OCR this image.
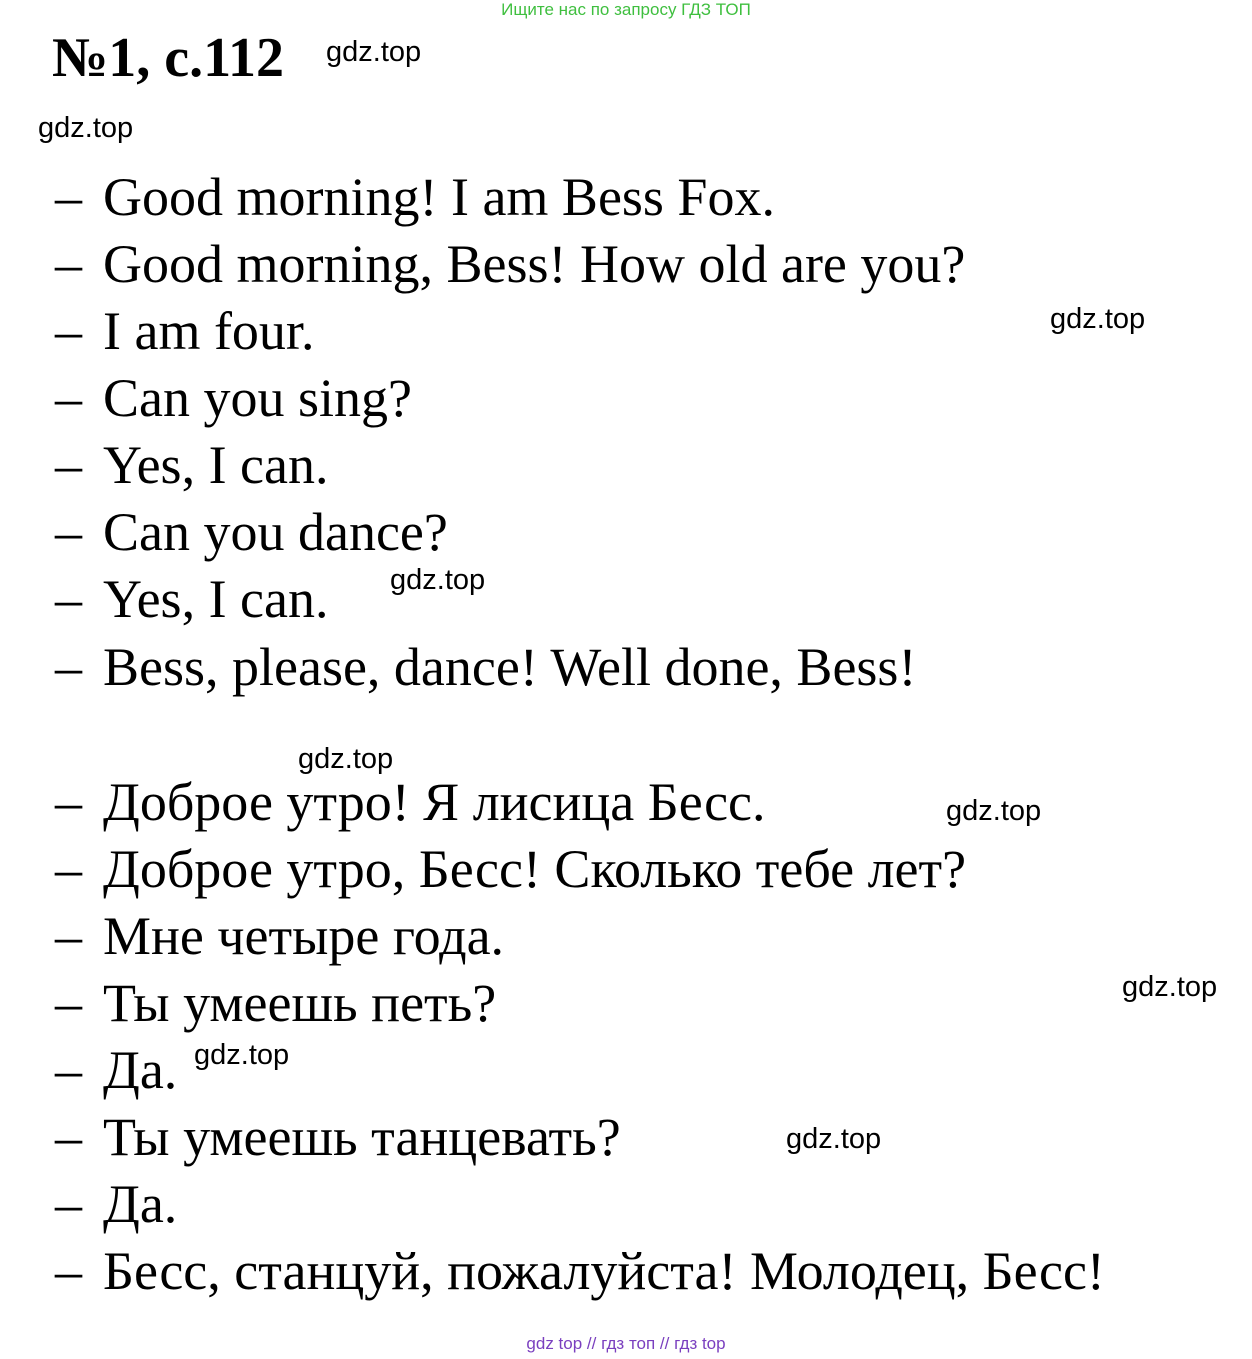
Ищите нас по запросу ГДЗ ТОП
№1, с.112 gdz.top
gdz.top
gdz.top
gdz.top
gdz.top
gdz.top
gdz.top
gdz.top
gdz.top
– Good morning! I am Bess Fox.
– Good morning, Bess! How old are you?
– I am four.
– Can you sing?
– Yes, I can.
– Can you dance?
– Yes, I can.
– Bess, please, dance! Well done, Bess!
– Доброе утро! Я лисица Бесс.
– Доброе утро, Бесс! Сколько тебе лет?
– Мне четыре года.
– Ты умеешь петь?
– Да.
– Ты умеешь танцевать?
– Да.
– Бесс, станцуй, пожалуйста! Молодец, Бесс!
gdz top // гдз топ // гдз top
